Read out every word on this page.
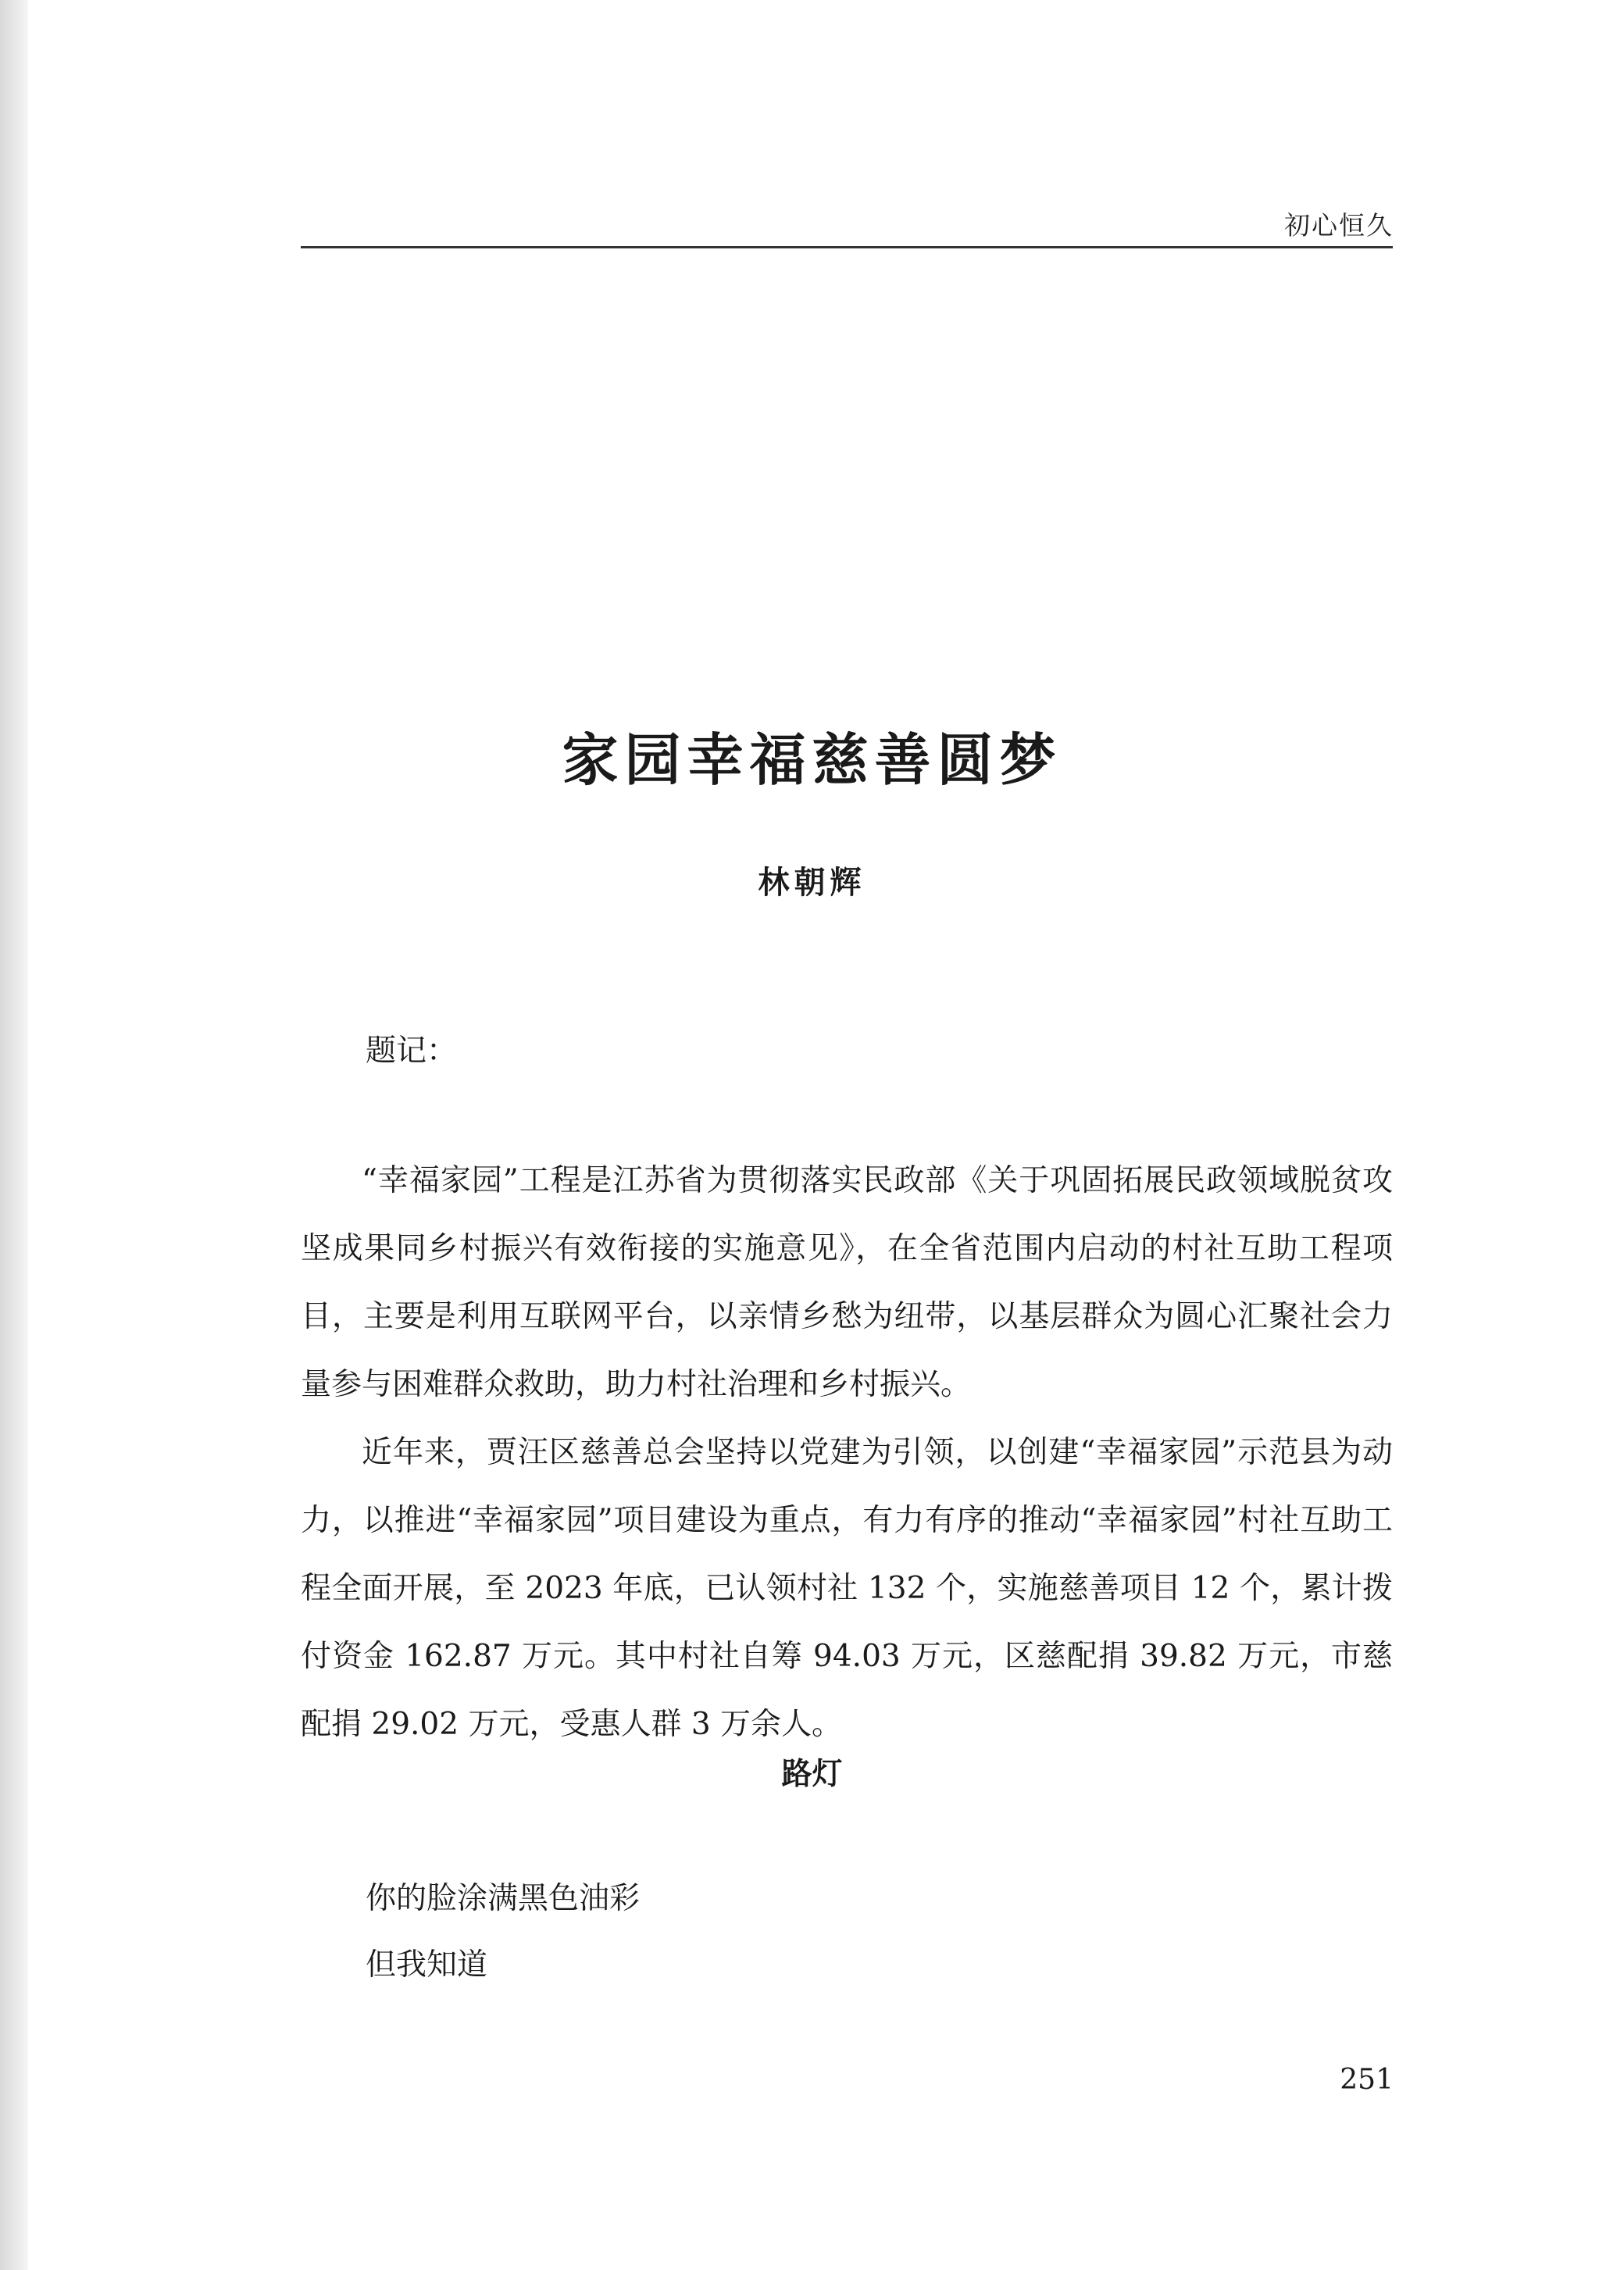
初心恒久
家园幸福慈善圆梦
林朝辉
题记：

“幸福家园”工程是江苏省为贯彻落实民政部《关于巩固拓展民政领域脱贫攻坚成果同乡村振兴有效衔接的实施意见》，在全省范围内启动的村社互助工程项目，主要是利用互联网平台，以亲情乡愁为纽带，以基层群众为圆心汇聚社会力量参与困难群众救助，助力村社治理和乡村振兴。

近年来，贾汪区慈善总会坚持以党建为引领，以创建“幸福家园”示范县为动力，以推进“幸福家园”项目建设为重点，有力有序的推动“幸福家园”村社互助工程全面开展，至 2023 年底，已认领村社 132 个，实施慈善项目 12 个，累计拨付资金 162.87 万元。其中村社自筹 94.03 万元，区慈配捐 39.82 万元，市慈配捐 29.02 万元，受惠人群 3 万余人。

路灯
你的脸涂满黑色油彩
但我知道
251
